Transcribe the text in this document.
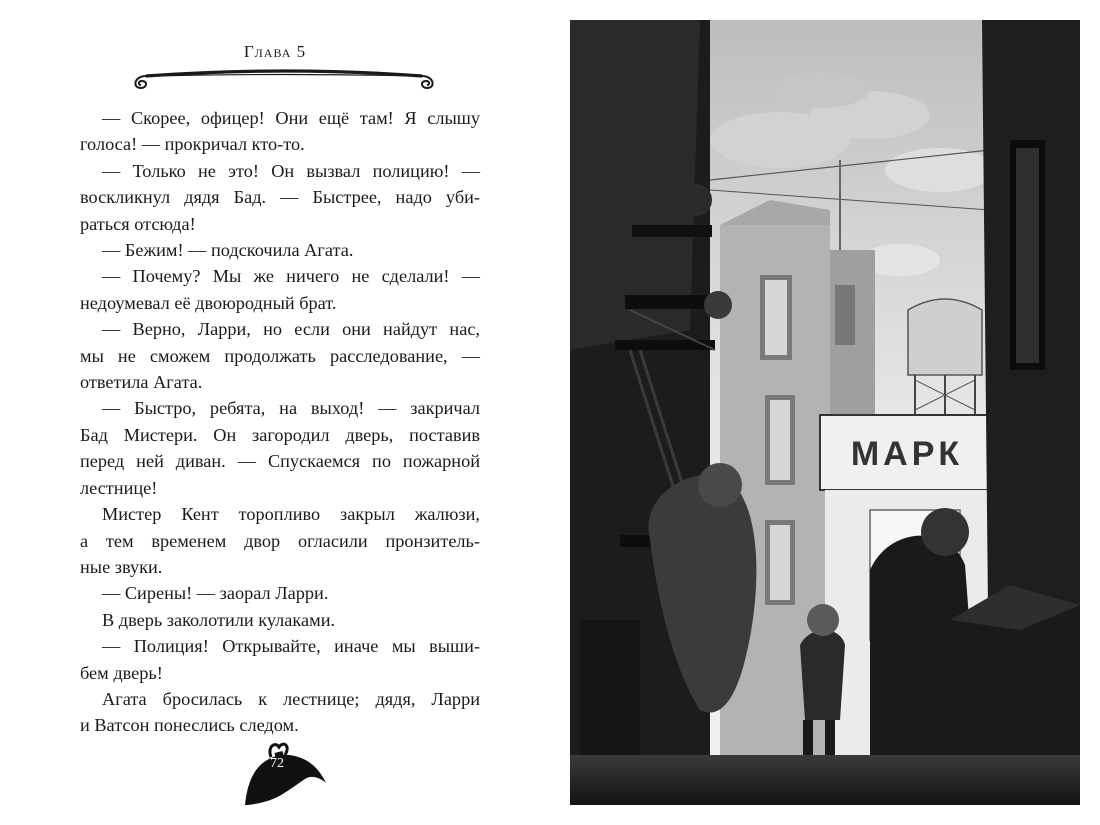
Глава 5

— Скорее, офицер! Они ещё там! Я слышу

голоса! — прокричал кто-то.

— Только не это! Он вызвал полицию! —

воскликнул дядя Бад. — Быстрее, надо уби-

раться отсюда!

— Бежим! — подскочила Агата.

— Почему? Мы же ничего не сделали! —

недоумевал её двоюродный брат.

— Верно, Ларри, но если они найдут нас,

мы не сможем продолжать расследование, —

ответила Агата.

— Быстро, ребята, на выход! — закричал

Бад Мистери. Он загородил дверь, поставив

перед ней диван. — Спускаемся по пожарной

лестнице!

Мистер Кент торопливо закрыл жалюзи,

а тем временем двор огласили пронзитель-

ные звуки.

— Сирены! — заорал Ларри.

В дверь заколотили кулаками.

— Полиция! Открывайте, иначе мы выши-

бем дверь!

Агата бросилась к лестнице; дядя, Ларри

и Ватсон понеслись следом.

72
МАРК
